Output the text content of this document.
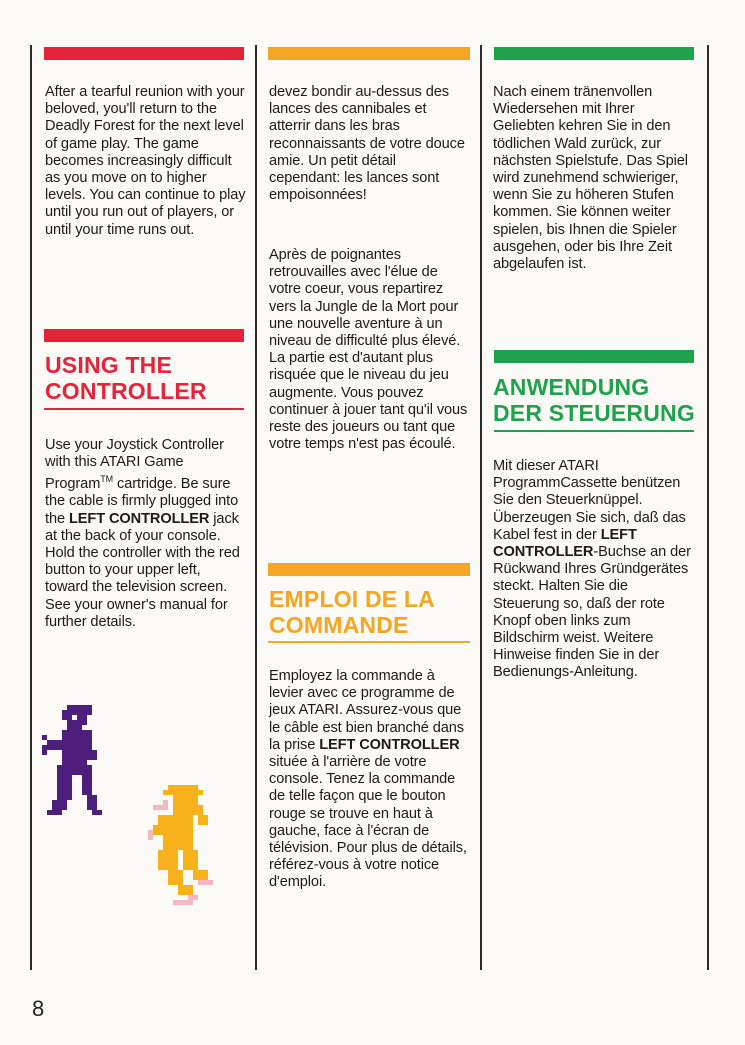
After a tearful reunion with your beloved, you'll return to the Deadly Forest for the next level of game play. The game becomes increasingly difficult as you move on to higher levels. You can continue to play until you run out of players, or until your time runs out.

USING THE
CONTROLLER

Use your Joystick Controller with this ATARI Game Program™ cartridge. Be sure the cable is firmly plugged into the LEFT CONTROLLER jack at the back of your console. Hold the controller with the red button to your upper left, toward the television screen. See your owner's manual for further details.

devez bondir au-dessus des lances des cannibales et atterrir dans les bras reconnaissants de votre douce amie. Un petit détail cependant: les lances sont empoisonnées!

Après de poignantes retrouvailles avec l'élue de votre coeur, vous repartirez vers la Jungle de la Mort pour une nouvelle aventure à un niveau de difficulté plus élevé. La partie est d'autant plus risquée que le niveau du jeu augmente. Vous pouvez continuer à jouer tant qu'il vous reste des joueurs ou tant que votre temps n'est pas écoulé.

EMPLOI DE LA
COMMANDE

Employez la commande à levier avec ce programme de jeux ATARI. Assurez-vous que le câble est bien branché dans la prise LEFT CONTROLLER située à l'arrière de votre console. Tenez la commande de telle façon que le bouton rouge se trouve en haut à gauche, face à l'écran de télévision. Pour plus de détails, référez-vous à votre notice d'emploi.

Nach einem tränenvollen Wiedersehen mit Ihrer Geliebten kehren Sie in den tödlichen Wald zurück, zur nächsten Spielstufe. Das Spiel wird zunehmend schwieriger, wenn Sie zu höheren Stufen kommen. Sie können weiter spielen, bis Ihnen die Spieler ausgehen, oder bis Ihre Zeit abgelaufen ist.

ANWENDUNG
DER STEUERUNG

Mit dieser ATARI ProgrammCassette benützen Sie den Steuerknüppel. Überzeugen Sie sich, daß das Kabel fest in der LEFT CONTROLLER-Buchse an der Rückwand Ihres Gründgerätes steckt. Halten Sie die Steuerung so, daß der rote Knopf oben links zum Bildschirm weist. Weitere Hinweise finden Sie in der Bedienungs-Anleitung.

8
